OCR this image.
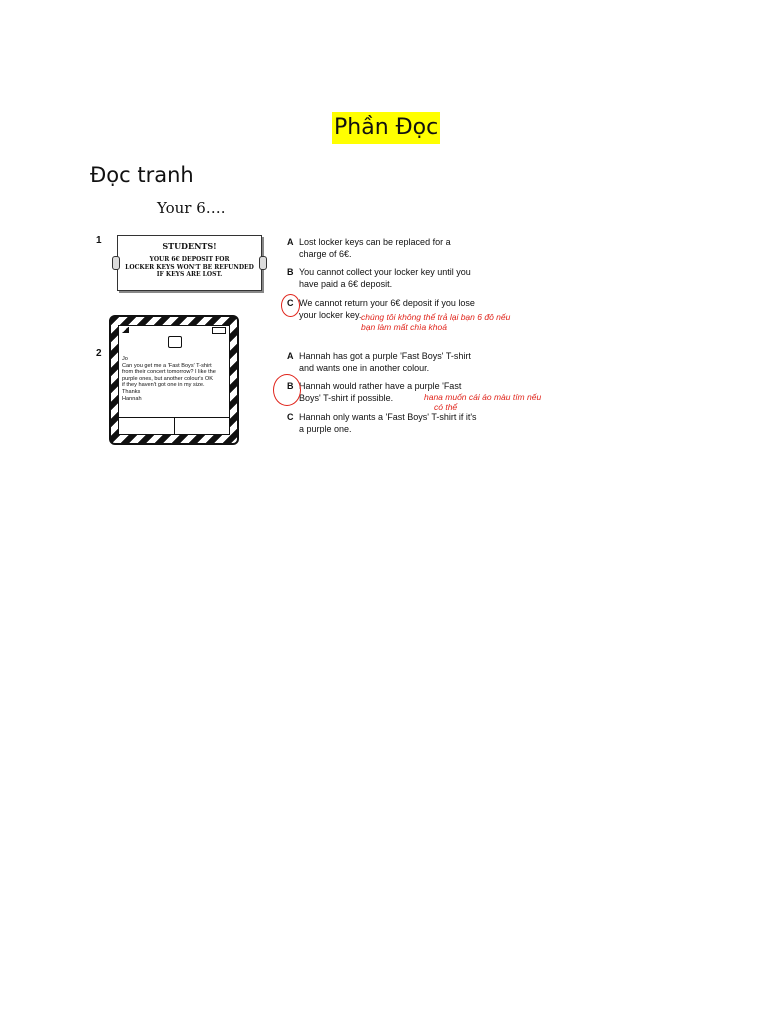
Phần Đọc
Đọc tranh
Your 6….
1	STUDENTS!
YOUR 6€ DEPOSIT FOR
LOCKER KEYS WON'T BE REFUNDED
IF KEYS ARE LOST.
A Lost locker keys can be replaced for a
charge of 6€.
B You cannot collect your locker key until you
have paid a 6€ deposit.
C We cannot return your 6€ deposit if you lose
your locker key. chúng tôi không thể trả lại bạn 6 đô nếu
bạn làm mất chìa khoá
2	Jo
Can you get me a 'Fast Boys' T-shirt
from their concert tomorrow? I like the
purple ones, but another colour's OK
if they haven't got one in my size.
Thanks
Hannah
A Hannah has got a purple 'Fast Boys' T-shirt
and wants one in another colour.
B Hannah would rather have a purple 'Fast
Boys' T-shirt if possible.
C Hannah only wants a 'Fast Boys' T-shirt if it's
a purple one.
hana muốn cái áo màu tím nếu
có thể
